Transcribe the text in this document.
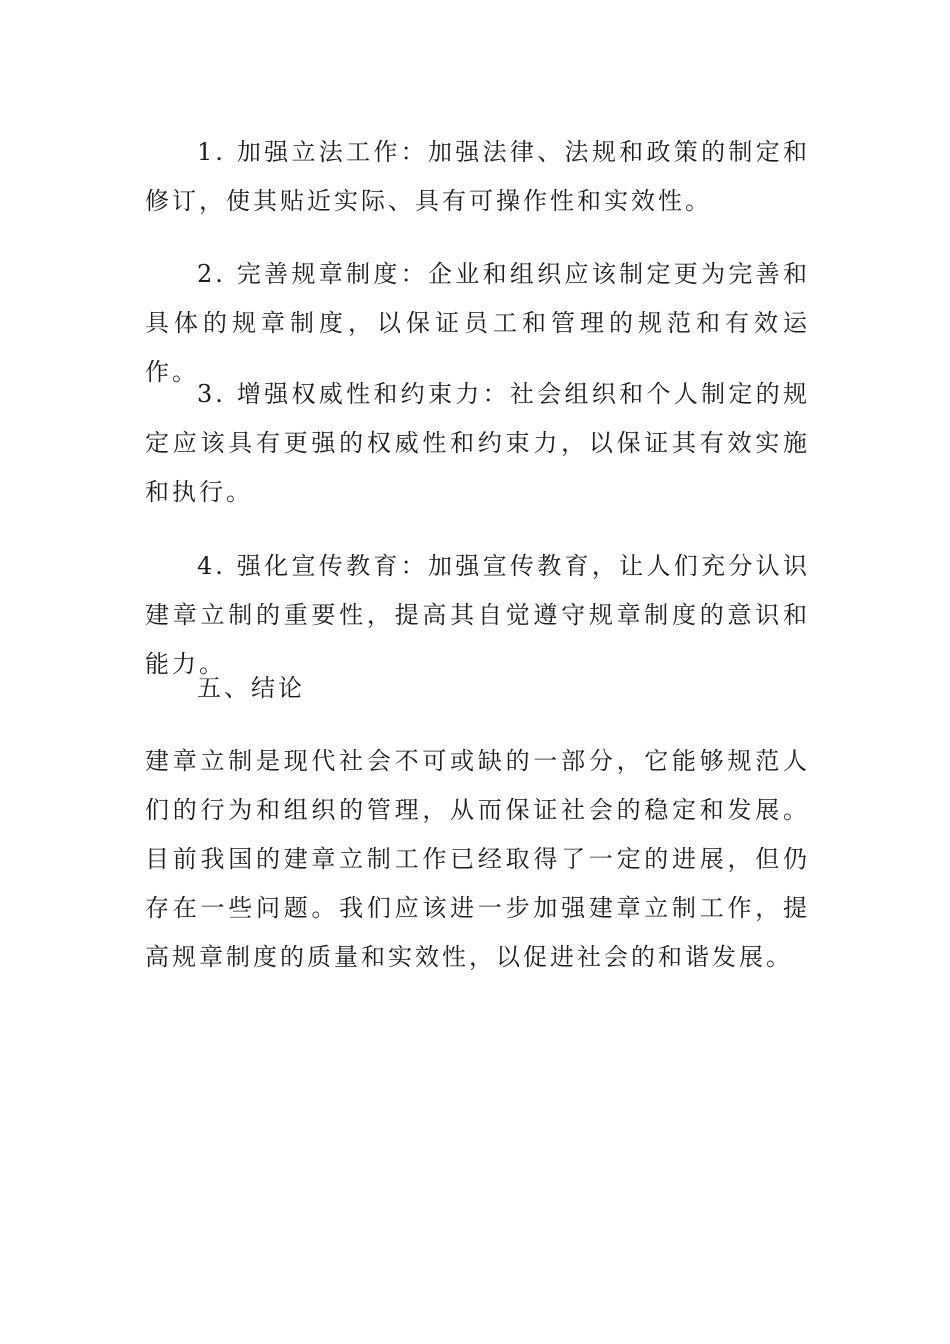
1. 加强立法工作：加强法律、法规和政策的制定和修订，使其贴近实际、具有可操作性和实效性。

2. 完善规章制度：企业和组织应该制定更为完善和具体的规章制度，以保证员工和管理的规范和有效运作。

3. 增强权威性和约束力：社会组织和个人制定的规定应该具有更强的权威性和约束力，以保证其有效实施和执行。

4. 强化宣传教育：加强宣传教育，让人们充分认识建章立制的重要性，提高其自觉遵守规章制度的意识和能力。

五、结论

建章立制是现代社会不可或缺的一部分，它能够规范人们的行为和组织的管理，从而保证社会的稳定和发展。目前我国的建章立制工作已经取得了一定的进展，但仍存在一些问题。我们应该进一步加强建章立制工作，提高规章制度的质量和实效性，以促进社会的和谐发展。
